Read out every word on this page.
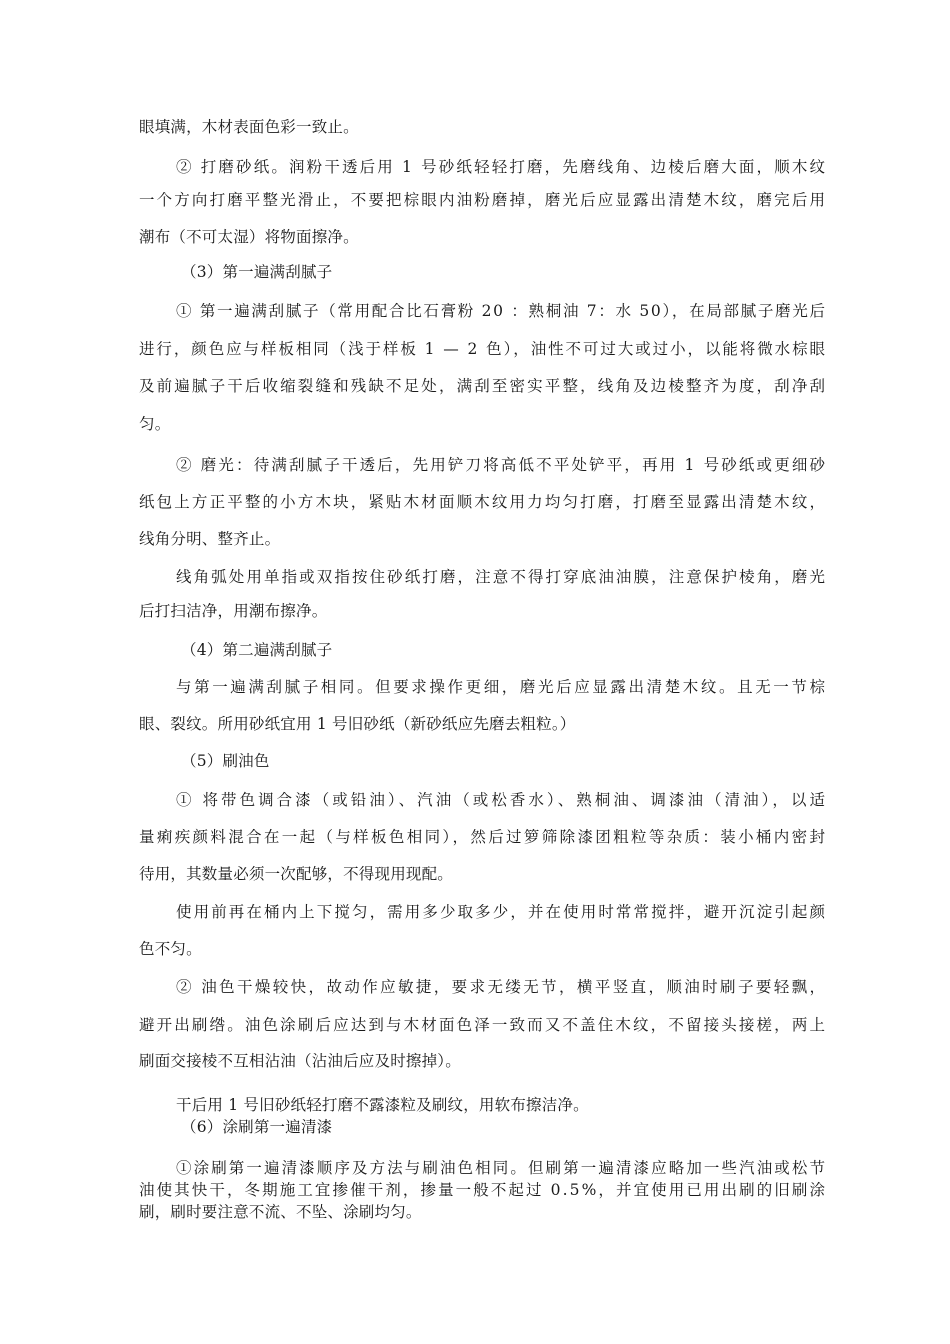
眼填满，木材表面色彩一致止。
② 打磨砂纸。润粉干透后用 1 号砂纸轻轻打磨，先磨线角、边棱后磨大面，顺木纹
一个方向打磨平整光滑止，不要把棕眼内油粉磨掉，磨光后应显露出清楚木纹，磨完后用
潮布（不可太湿）将物面擦净。
（3）第一遍满刮腻子
① 第一遍满刮腻子（常用配合比石膏粉 20 ：熟桐油 7：水 50），在局部腻子磨光后
进行，颜色应与样板相同（浅于样板 1 — 2 色），油性不可过大或过小，以能将微水棕眼
及前遍腻子干后收缩裂缝和残缺不足处，满刮至密实平整，线角及边棱整齐为度，刮净刮
匀。
② 磨光：待满刮腻子干透后，先用铲刀将高低不平处铲平，再用 1 号砂纸或更细砂
纸包上方正平整的小方木块，紧贴木材面顺木纹用力均匀打磨，打磨至显露出清楚木纹，
线角分明、整齐止。
线角弧处用单指或双指按住砂纸打磨，注意不得打穿底油油膜，注意保护棱角，磨光
后打扫洁净，用潮布擦净。
（4）第二遍满刮腻子
与第一遍满刮腻子相同。但要求操作更细，磨光后应显露出清楚木纹。且无一节棕
眼、裂纹。所用砂纸宜用 1 号旧砂纸（新砂纸应先磨去粗粒。）
（5）刷油色
① 将带色调合漆（或铅油）、汽油（或松香水）、熟桐油、调漆油（清油），以适
量痢疾颜料混合在一起（与样板色相同），然后过箩筛除漆团粗粒等杂质：装小桶内密封
待用，其数量必须一次配够，不得现用现配。
使用前再在桶内上下搅匀，需用多少取多少，并在使用时常常搅拌，避开沉淀引起颜
色不匀。
② 油色干燥较快，故动作应敏捷，要求无缕无节，横平竖直，顺油时刷子要轻飘，
避开出刷绺。油色涂刷后应达到与木材面色泽一致而又不盖住木纹，不留接头接槎，两上
刷面交接棱不互相沾油（沾油后应及时擦掉）。
干后用 1 号旧砂纸轻打磨不露漆粒及刷纹，用软布擦洁净。
（6）涂刷第一遍清漆
①涂刷第一遍清漆顺序及方法与刷油色相同。但刷第一遍清漆应略加一些汽油或松节
油使其快干，冬期施工宜掺催干剂，掺量一般不起过 0.5%，并宜使用已用出刷的旧刷涂
刷，刷时要注意不流、不坠、涂刷均匀。
